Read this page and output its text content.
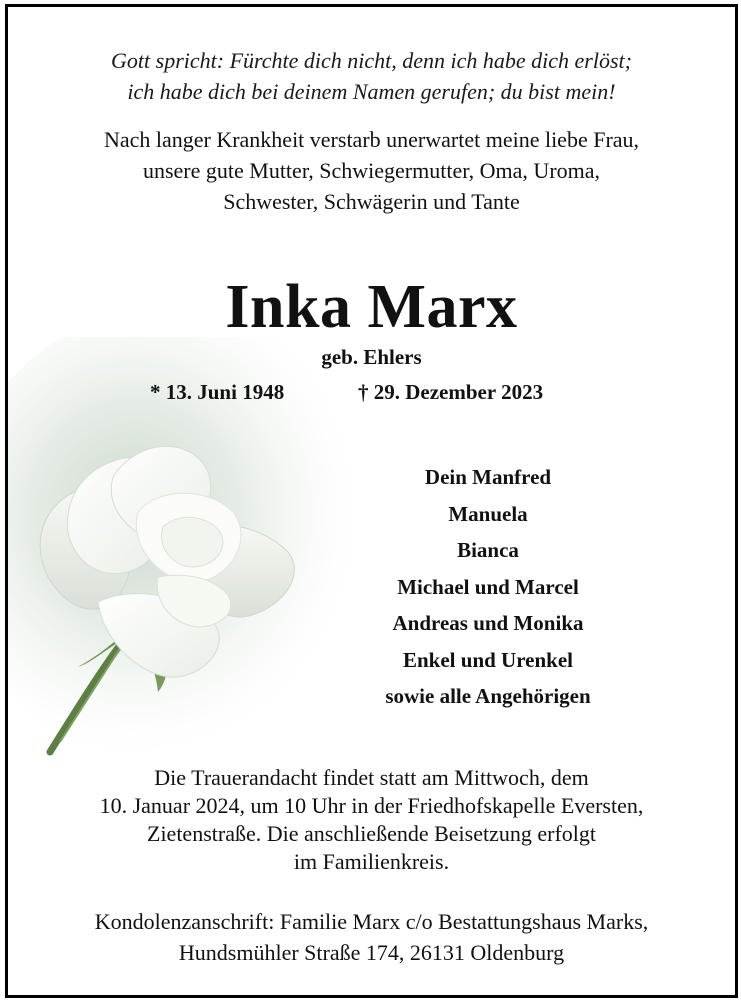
Gott spricht: Fürchte dich nicht, denn ich habe dich erlöst;
ich habe dich bei deinem Namen gerufen; du bist mein!
Nach langer Krankheit verstarb unerwartet meine liebe Frau,
unsere gute Mutter, Schwiegermutter, Oma, Uroma,
Schwester, Schwägerin und Tante
Inka Marx
geb. Ehlers
* 13. Juni 1948	† 29. Dezember 2023
Dein Manfred
Manuela
Bianca
Michael und Marcel
Andreas und Monika
Enkel und Urenkel
sowie alle Angehörigen
Die Trauerandacht findet statt am Mittwoch, dem
10. Januar 2024, um 10 Uhr in der Friedhofskapelle Eversten,
Zietenstraße. Die anschließende Beisetzung erfolgt
im Familienkreis.
Kondolenzanschrift: Familie Marx c/o Bestattungshaus Marks,
Hundsmühler Straße 174, 26131 Oldenburg
